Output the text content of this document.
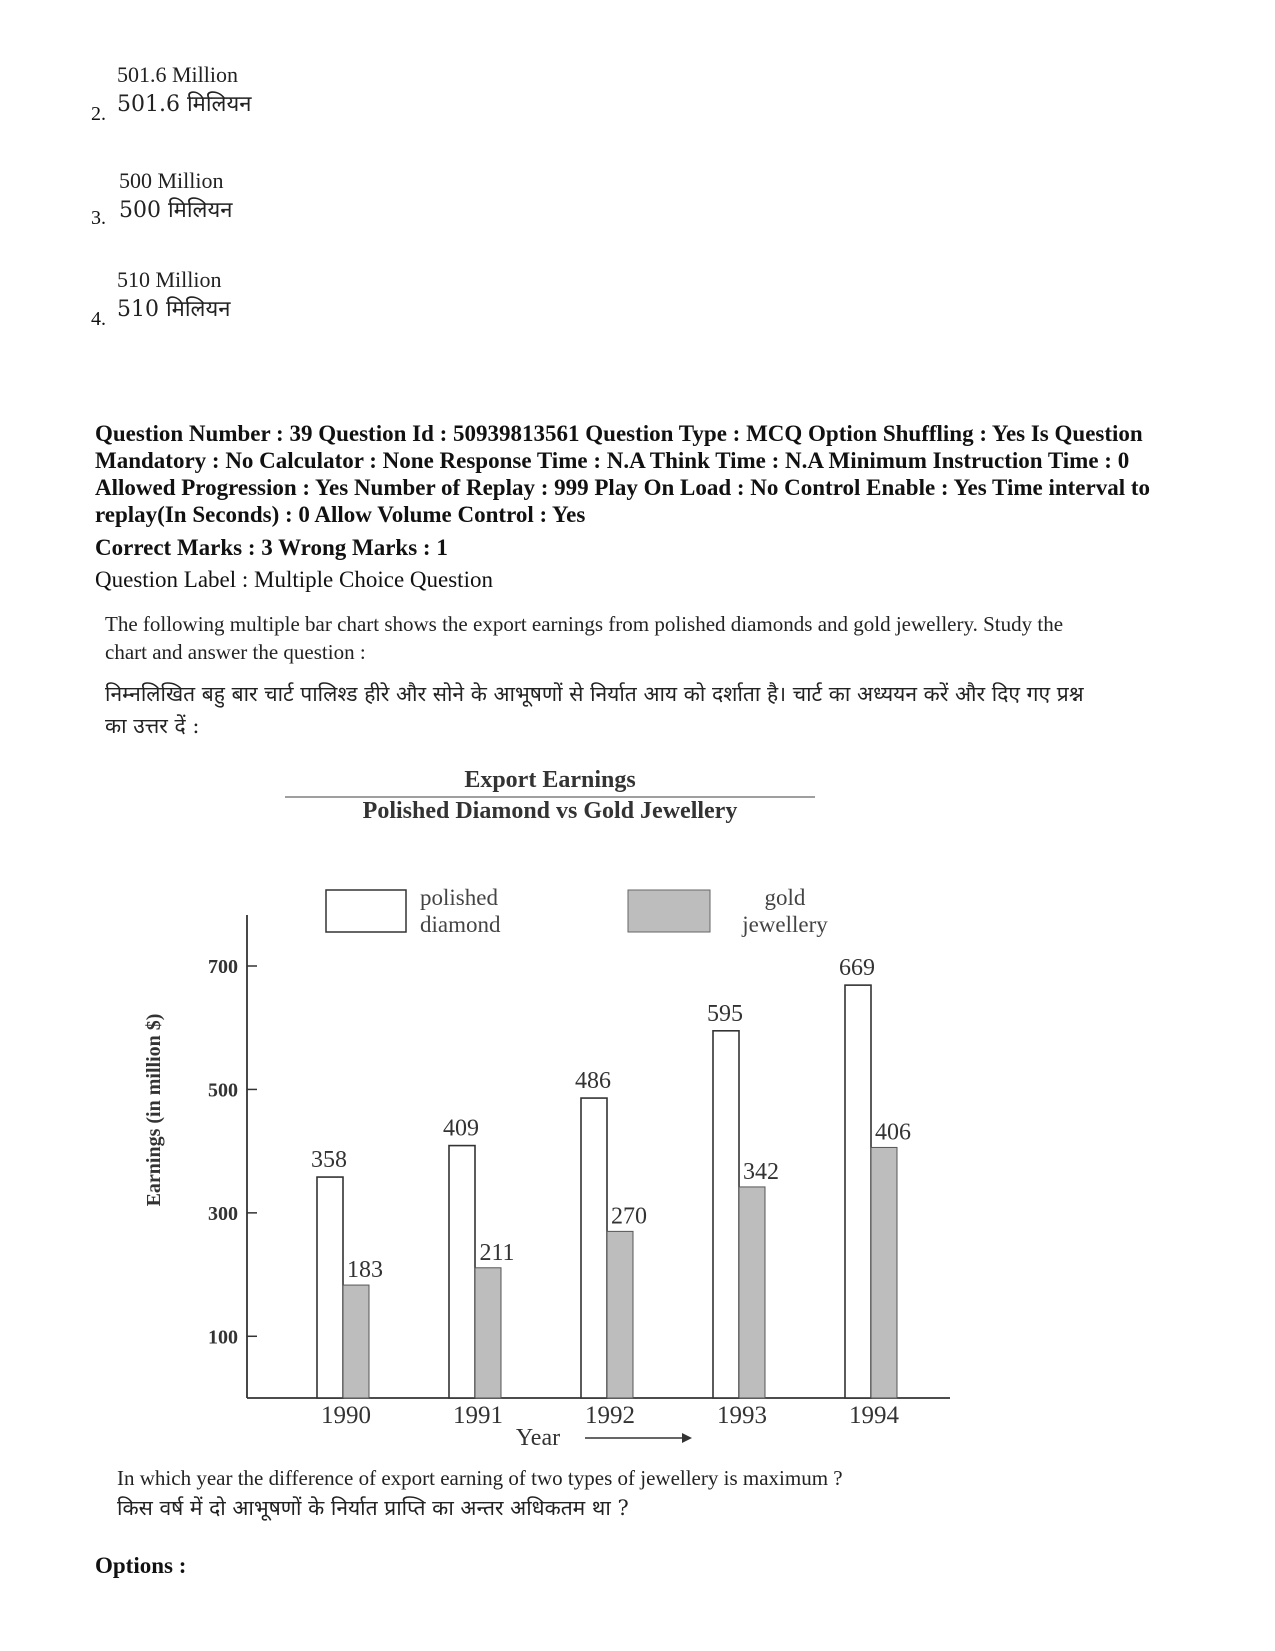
501.6 Million
501.6 मिलियन
2.
500 Million
500 मिलियन
3.
510 Million
510 मिलियन
4.
Question Number : 39 Question Id : 50939813561 Question Type : MCQ Option Shuffling : Yes Is Question Mandatory : No Calculator : None Response Time : N.A Think Time : N.A Minimum Instruction Time : 0 Allowed Progression : Yes Number of Replay : 999 Play On Load : No Control Enable : Yes Time interval to replay(In Seconds) : 0 Allow Volume Control : Yes
Correct Marks : 3 Wrong Marks : 1
Question Label : Multiple Choice Question
The following multiple bar chart shows the export earnings from polished diamonds and gold jewellery. Study the chart and answer the question :
निम्नलिखित बहु बार चार्ट पालिश्ड हीरे और सोने के आभूषणों से निर्यात आय को दर्शाता है। चार्ट का अध्ययन करें और दिए गए प्रश्न का उत्तर दें :
Export Earnings
Polished Diamond vs Gold Jewellery
polished
diamond
gold
jewellery
100
300
500
700
358
183
409
211
486
270
595
342
669
406
1990	1991	1992	1993	1994
Year
Earnings (in million $)
In which year the difference of export earning of two types of jewellery is maximum ?
किस वर्ष में दो आभूषणों के निर्यात प्राप्ति का अन्तर अधिकतम था ?
Options :
